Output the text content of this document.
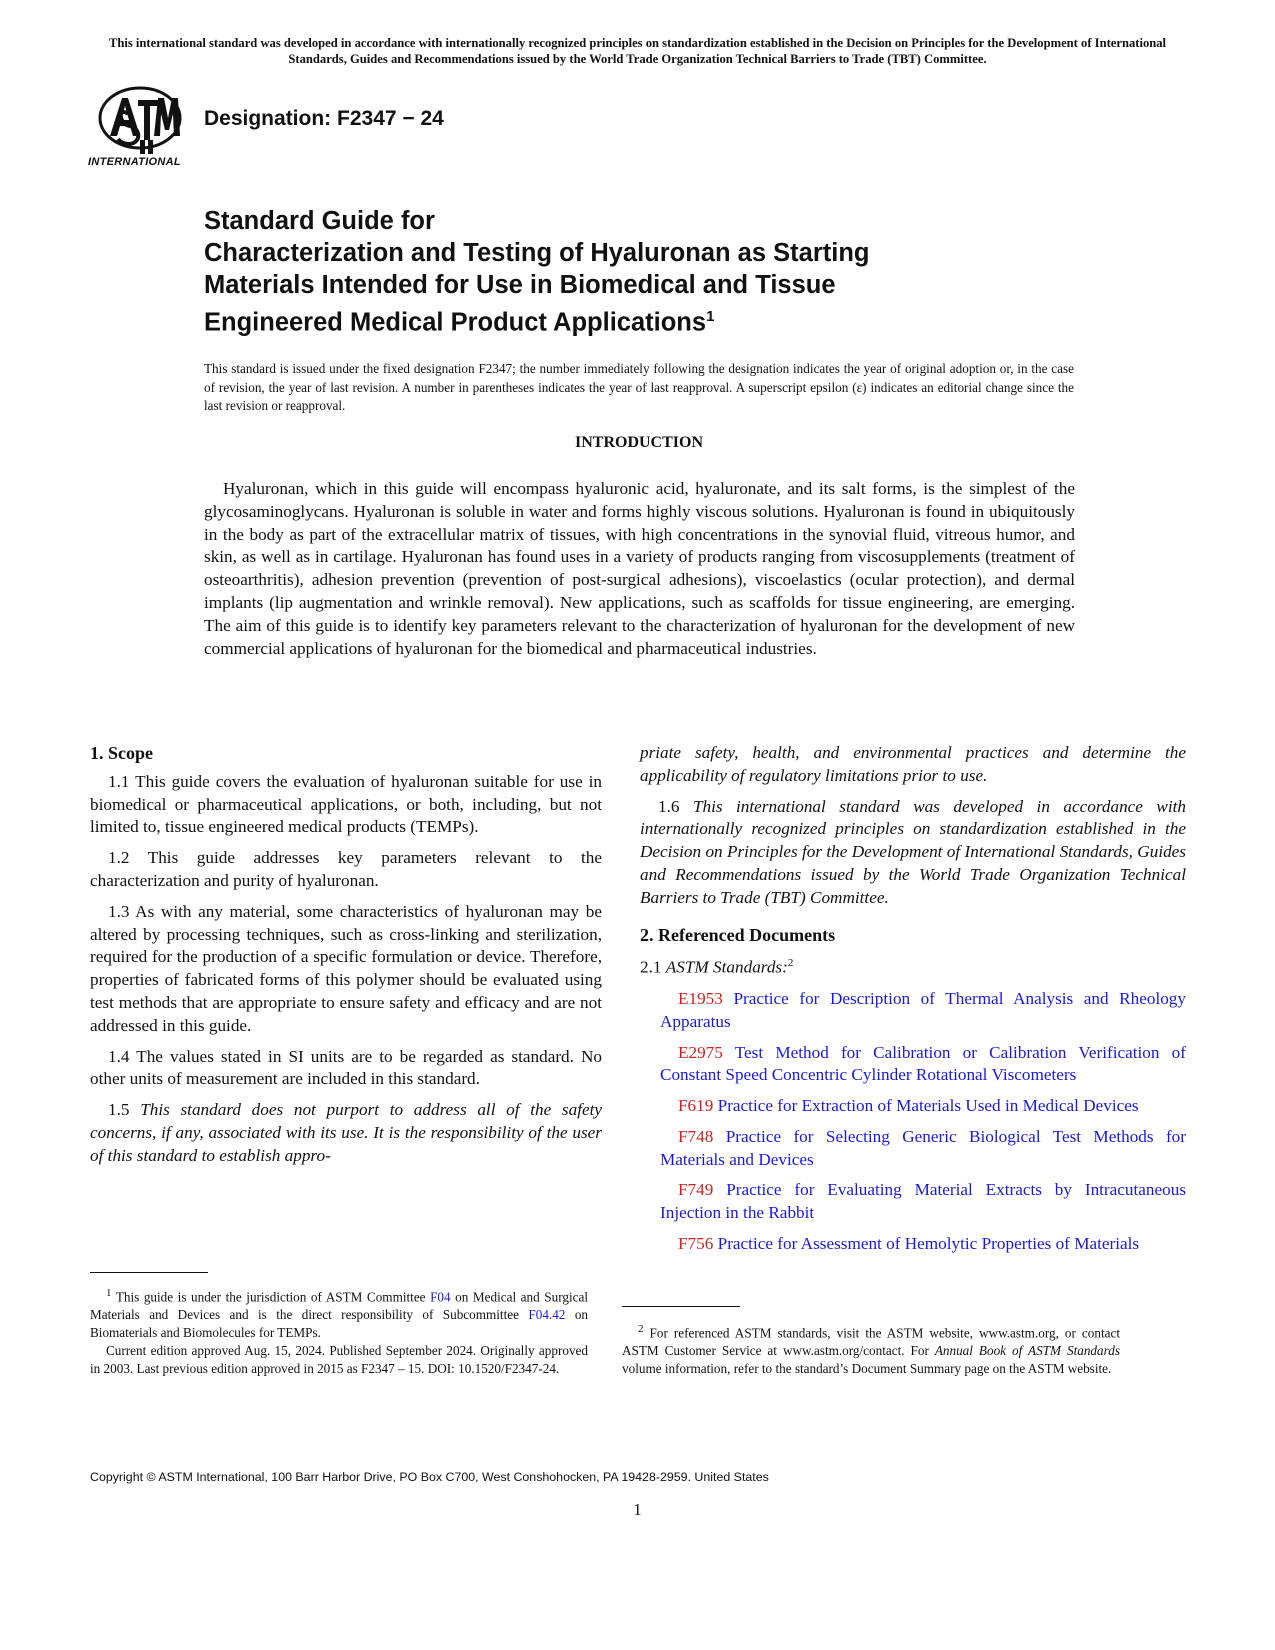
This international standard was developed in accordance with internationally recognized principles on standardization established in the Decision on Principles for the Development of International Standards, Guides and Recommendations issued by the World Trade Organization Technical Barriers to Trade (TBT) Committee.
INTERNATIONAL
Designation: F2347 − 24
Standard Guide for
Characterization and Testing of Hyaluronan as Starting
Materials Intended for Use in Biomedical and Tissue
Engineered Medical Product Applications$^1$
This standard is issued under the fixed designation F2347; the number immediately following the designation indicates the year of original adoption or, in the case of revision, the year of last revision. A number in parentheses indicates the year of last reapproval. A superscript epsilon (ε) indicates an editorial change since the last revision or reapproval.
INTRODUCTION

Hyaluronan, which in this guide will encompass hyaluronic acid, hyaluronate, and its salt forms, is the simplest of the glycosaminoglycans. Hyaluronan is soluble in water and forms highly viscous solutions. Hyaluronan is found in ubiquitously in the body as part of the extracellular matrix of tissues, with high concentrations in the synovial fluid, vitreous humor, and skin, as well as in cartilage. Hyaluronan has found uses in a variety of products ranging from viscosupplements (treatment of osteoarthritis), adhesion prevention (prevention of post-surgical adhesions), viscoelastics (ocular protection), and dermal implants (lip augmentation and wrinkle removal). New applications, such as scaffolds for tissue engineering, are emerging. The aim of this guide is to identify key parameters relevant to the characterization of hyaluronan for the development of new commercial applications of hyaluronan for the biomedical and pharmaceutical industries.

1. Scope

1.1 This guide covers the evaluation of hyaluronan suitable for use in biomedical or pharmaceutical applications, or both, including, but not limited to, tissue engineered medical products (TEMPs).

1.2 This guide addresses key parameters relevant to the characterization and purity of hyaluronan.

1.3 As with any material, some characteristics of hyaluronan may be altered by processing techniques, such as cross-linking and sterilization, required for the production of a specific formulation or device. Therefore, properties of fabricated forms of this polymer should be evaluated using test methods that are appropriate to ensure safety and efficacy and are not addressed in this guide.

1.4 The values stated in SI units are to be regarded as standard. No other units of measurement are included in this standard.

1.5 This standard does not purport to address all of the safety concerns, if any, associated with its use. It is the responsibility of the user of this standard to establish appro-

priate safety, health, and environmental practices and determine the applicability of regulatory limitations prior to use.

1.6 This international standard was developed in accordance with internationally recognized principles on standardization established in the Decision on Principles for the Development of International Standards, Guides and Recommendations issued by the World Trade Organization Technical Barriers to Trade (TBT) Committee.

2. Referenced Documents

2.1 ASTM Standards:$^2$

E1953 Practice for Description of Thermal Analysis and Rheology Apparatus

E2975 Test Method for Calibration or Calibration Verification of Constant Speed Concentric Cylinder Rotational Viscometers

F619 Practice for Extraction of Materials Used in Medical Devices

F748 Practice for Selecting Generic Biological Test Methods for Materials and Devices

F749 Practice for Evaluating Material Extracts by Intracutaneous Injection in the Rabbit

F756 Practice for Assessment of Hemolytic Properties of Materials

$^1$ This guide is under the jurisdiction of ASTM Committee F04 on Medical and Surgical Materials and Devices and is the direct responsibility of Subcommittee F04.42 on Biomaterials and Biomolecules for TEMPs.

Current edition approved Aug. 15, 2024. Published September 2024. Originally approved in 2003. Last previous edition approved in 2015 as F2347 – 15. DOI: 10.1520/F2347-24.

$^2$ For referenced ASTM standards, visit the ASTM website, www.astm.org, or contact ASTM Customer Service at www.astm.org/contact. For Annual Book of ASTM Standards volume information, refer to the standard’s Document Summary page on the ASTM website.

Copyright © ASTM International, 100 Barr Harbor Drive, PO Box C700, West Conshohocken, PA 19428-2959. United States
1
